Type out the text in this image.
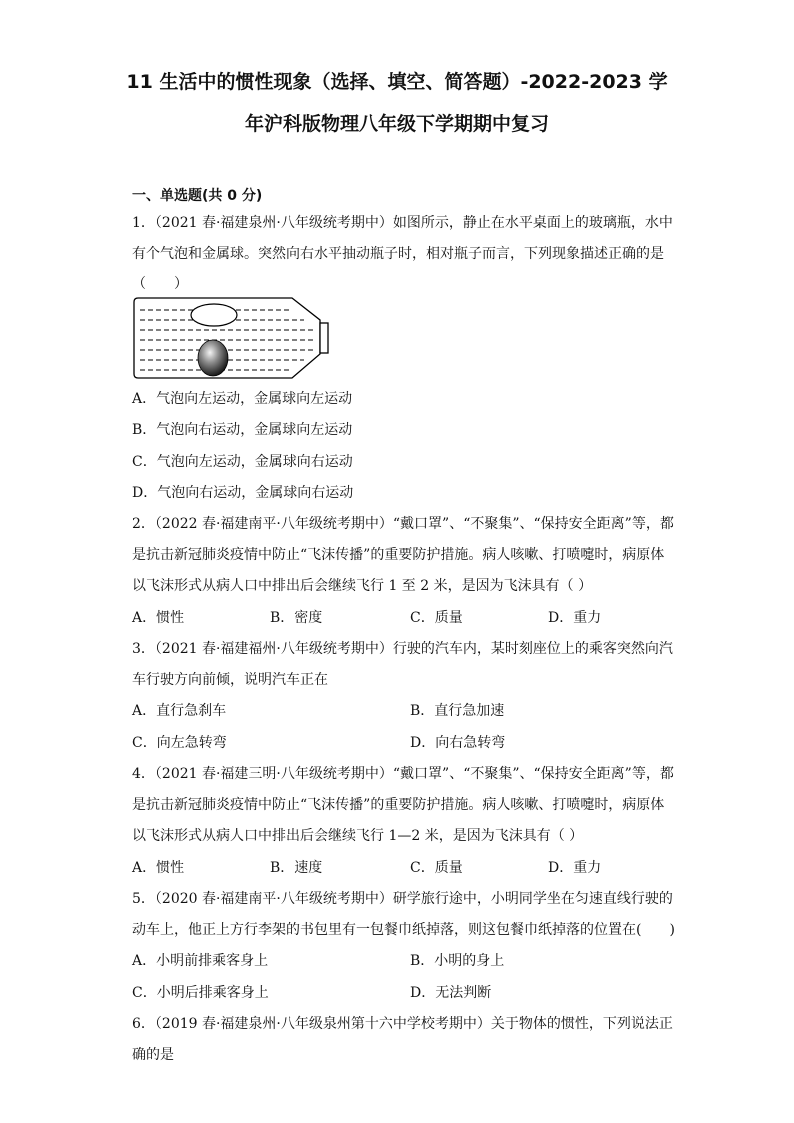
11 生活中的惯性现象（选择、填空、简答题）-2022-2023 学
年沪科版物理八年级下学期期中复习
一、单选题(共 0 分)
1．（2021 春·福建泉州·八年级统考期中）如图所示，静止在水平桌面上的玻璃瓶，水中
有个气泡和金属球。突然向右水平抽动瓶子时，相对瓶子而言，下列现象描述正确的是
（　　）
A．气泡向左运动，金属球向左运动
B．气泡向右运动，金属球向左运动
C．气泡向左运动，金属球向右运动
D．气泡向右运动，金属球向右运动
2．（2022 春·福建南平·八年级统考期中）“戴口罩”、“不聚集”、“保持安全距离”等，都
是抗击新冠肺炎疫情中防止“飞沫传播”的重要防护措施。病人咳嗽、打喷嚏时，病原体
以飞沫形式从病人口中排出后会继续飞行 1 至 2 米，是因为飞沫具有（ ）
A．惯性	B．密度	C．质量	D．重力
3．（2021 春·福建福州·八年级统考期中）行驶的汽车内，某时刻座位上的乘客突然向汽
车行驶方向前倾，说明汽车正在
A．直行急刹车	B．直行急加速
C．向左急转弯	D．向右急转弯
4．（2021 春·福建三明·八年级统考期中）“戴口罩”、“不聚集”、“保持安全距离”等，都
是抗击新冠肺炎疫情中防止“飞沫传播”的重要防护措施。病人咳嗽、打喷嚏时，病原体
以飞沫形式从病人口中排出后会继续飞行 1—2 米，是因为飞沫具有（ ）
A．惯性	B．速度	C．质量	D．重力
5．（2020 春·福建南平·八年级统考期中）研学旅行途中，小明同学坐在匀速直线行驶的
动车上，他正上方行李架的书包里有一包餐巾纸掉落，则这包餐巾纸掉落的位置在(　　)
A．小明前排乘客身上	B．小明的身上
C．小明后排乘客身上	D．无法判断
6．（2019 春·福建泉州·八年级泉州第十六中学校考期中）关于物体的惯性，下列说法正
确的是
